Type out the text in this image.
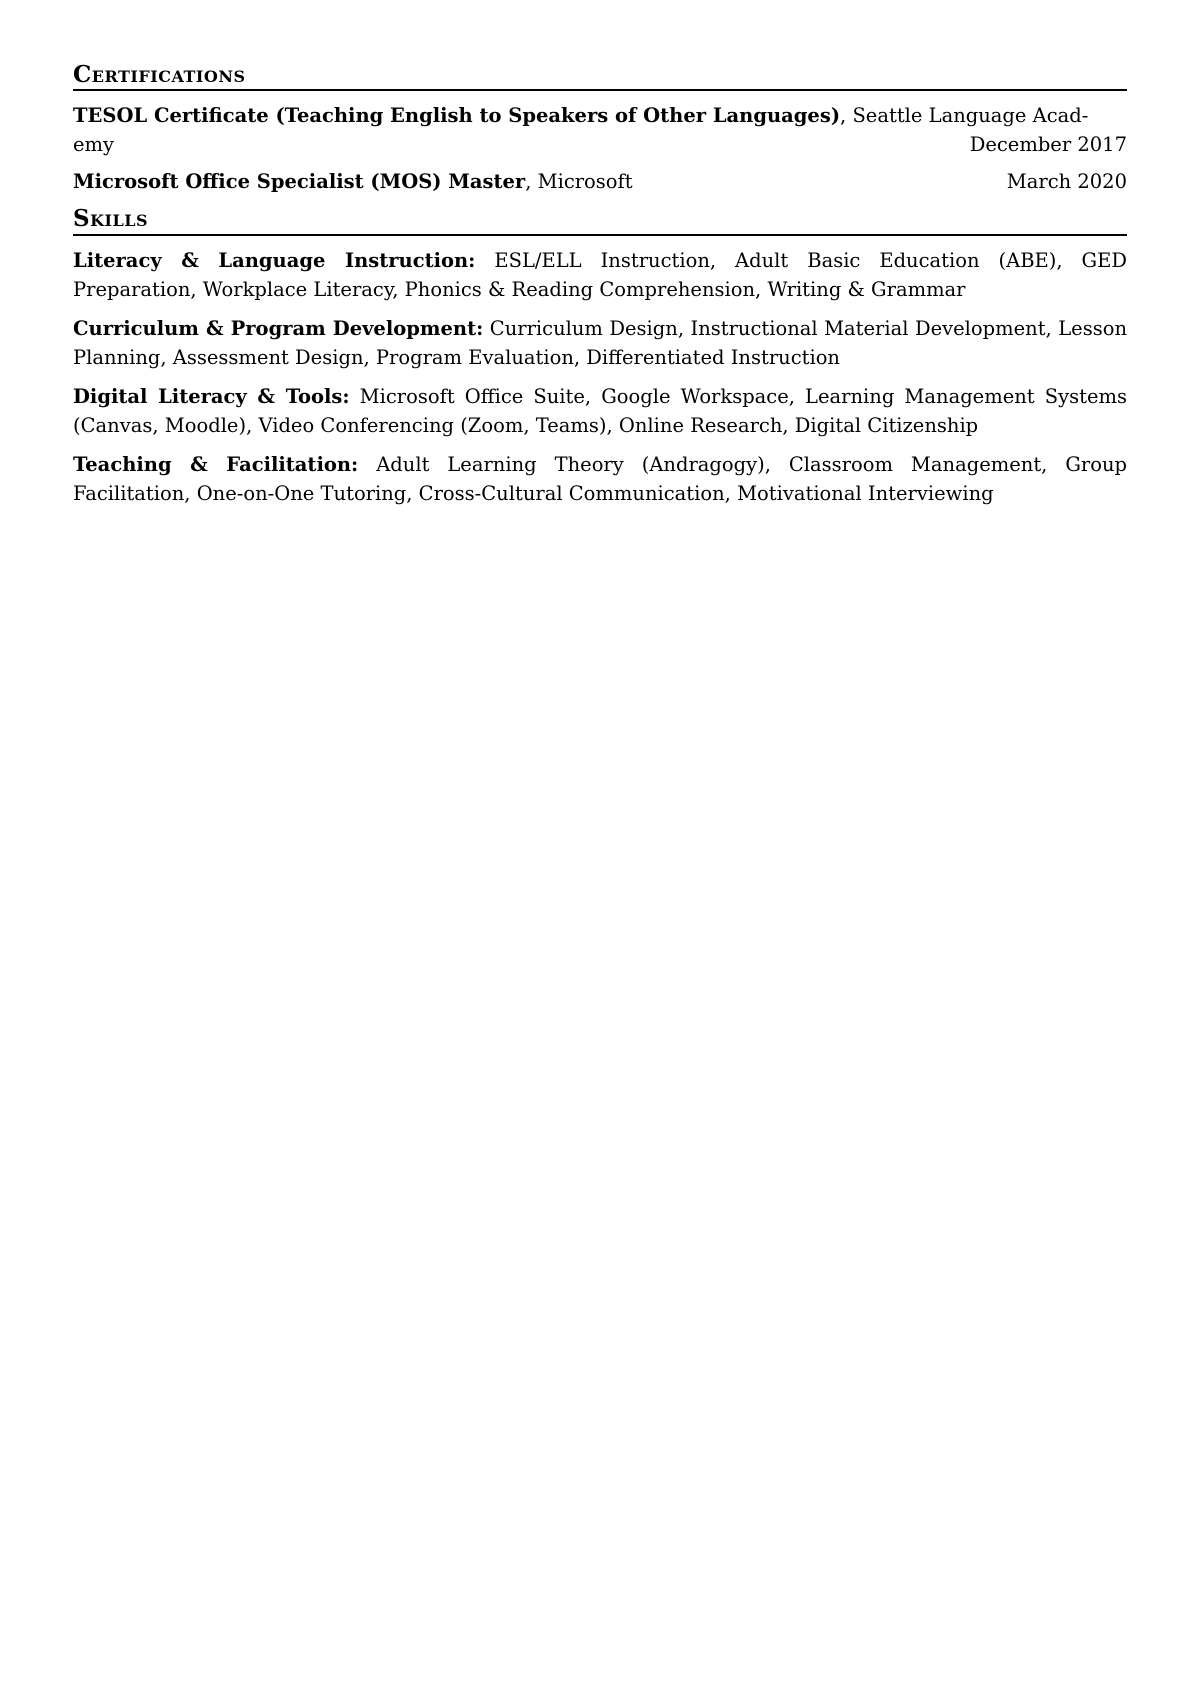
Certifications
TESOL Certificate (Teaching English to Speakers of Other Languages), Seattle Language Acad-
emy	December 2017
Microsoft Office Specialist (MOS) Master, Microsoft	March 2020
Skills
Literacy & Language Instruction: ESL/ELL Instruction, Adult Basic Education (ABE), GED Preparation, Workplace Literacy, Phonics & Reading Comprehension, Writing & Grammar
Curriculum & Program Development: Curriculum Design, Instructional Material Development, Lesson Planning, Assessment Design, Program Evaluation, Differentiated Instruction
Digital Literacy & Tools: Microsoft Office Suite, Google Workspace, Learning Management Systems (Canvas, Moodle), Video Conferencing (Zoom, Teams), Online Research, Digital Citizenship
Teaching & Facilitation: Adult Learning Theory (Andragogy), Classroom Management, Group Facilitation, One-on-One Tutoring, Cross-Cultural Communication, Motivational Interviewing
